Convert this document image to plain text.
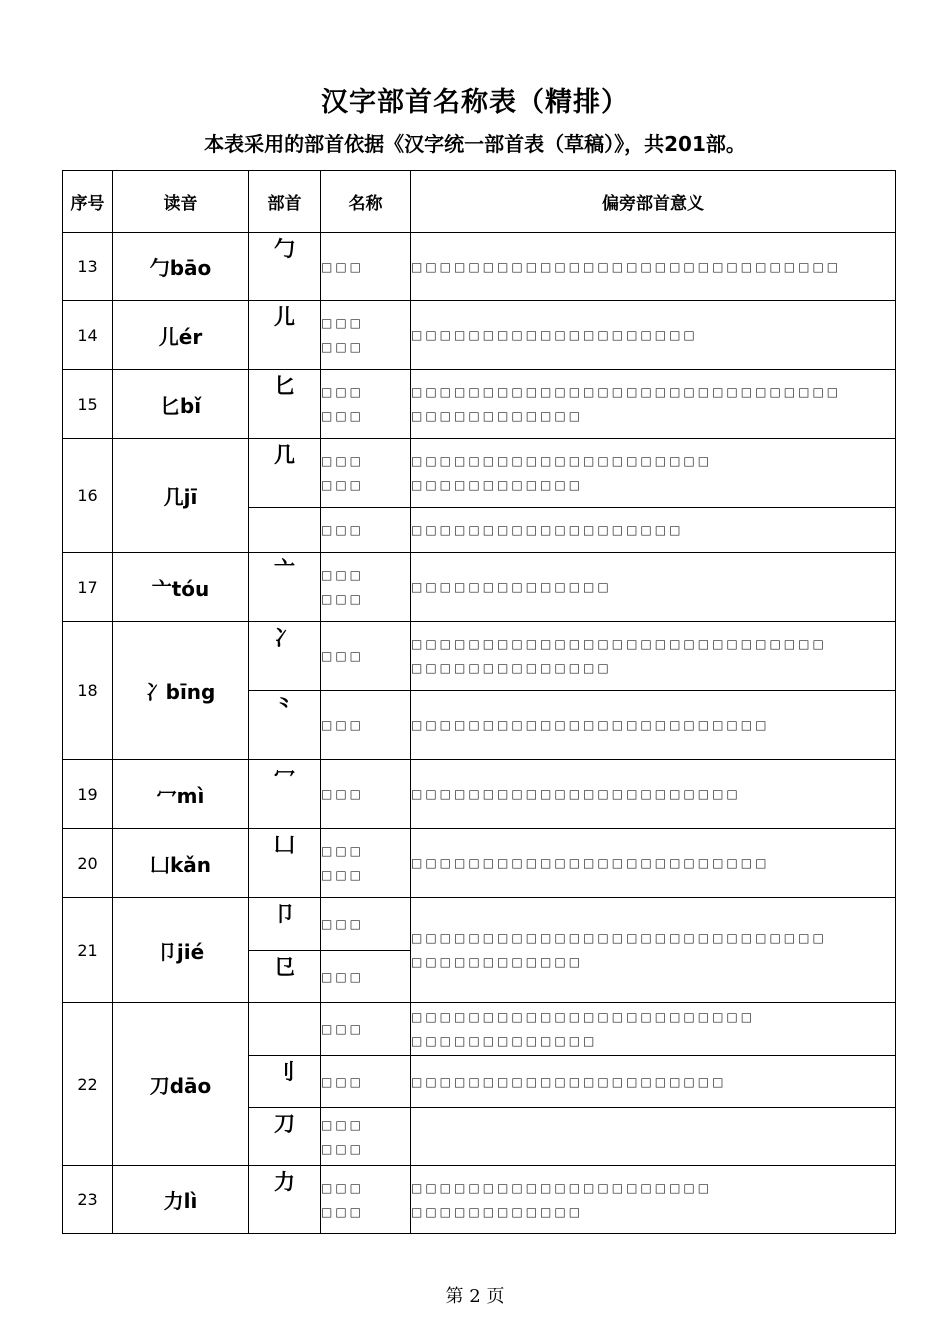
汉字部首名称表（精排）
本表采用的部首依据《汉字统一部首表（草稿）》，共201部。
序号	读音	部首	名称	偏旁部首意义
13	勹bāo	勹	□□□	□□□□□□□□□□□□□□□□□□□□□□□□□□□□□□

14	儿ér	儿	□□□
□□□	□□□□□□□□□□□□□□□□□□□□

15	匕bǐ	匕	□□□
□□□	□□□□□□□□□□□□□□□□□□□□□□□□□□□□□□
□□□□□□□□□□□□

16	几jī	几	□□□
□□□	□□□□□□□□□□□□□□□□□□□□□
□□□□□□□□□□□□

			□□□	□□□□□□□□□□□□□□□□□□□

17	亠tóu	亠	□□□
□□□	□□□□□□□□□□□□□□

18	冫bīng	冫	□□□	□□□□□□□□□□□□□□□□□□□□□□□□□□□□□
□□□□□□□□□□□□□□

		⺀	□□□	□□□□□□□□□□□□□□□□□□□□□□□□□

19	冖mì	冖	□□□	□□□□□□□□□□□□□□□□□□□□□□□

20	凵kǎn	凵	□□□
□□□	□□□□□□□□□□□□□□□□□□□□□□□□□

21	卩jié	卩	□□□	□□□□□□□□□□□□□□□□□□□□□□□□□□□□□
□□□□□□□□□□□□

		㔾	□□□	

22	刀dāo		□□□	□□□□□□□□□□□□□□□□□□□□□□□□
□□□□□□□□□□□□□

		刂	□□□	□□□□□□□□□□□□□□□□□□□□□□

		刀	□□□
□□□	

23	力lì	力	□□□
□□□	□□□□□□□□□□□□□□□□□□□□□
□□□□□□□□□□□□
第 2 页
